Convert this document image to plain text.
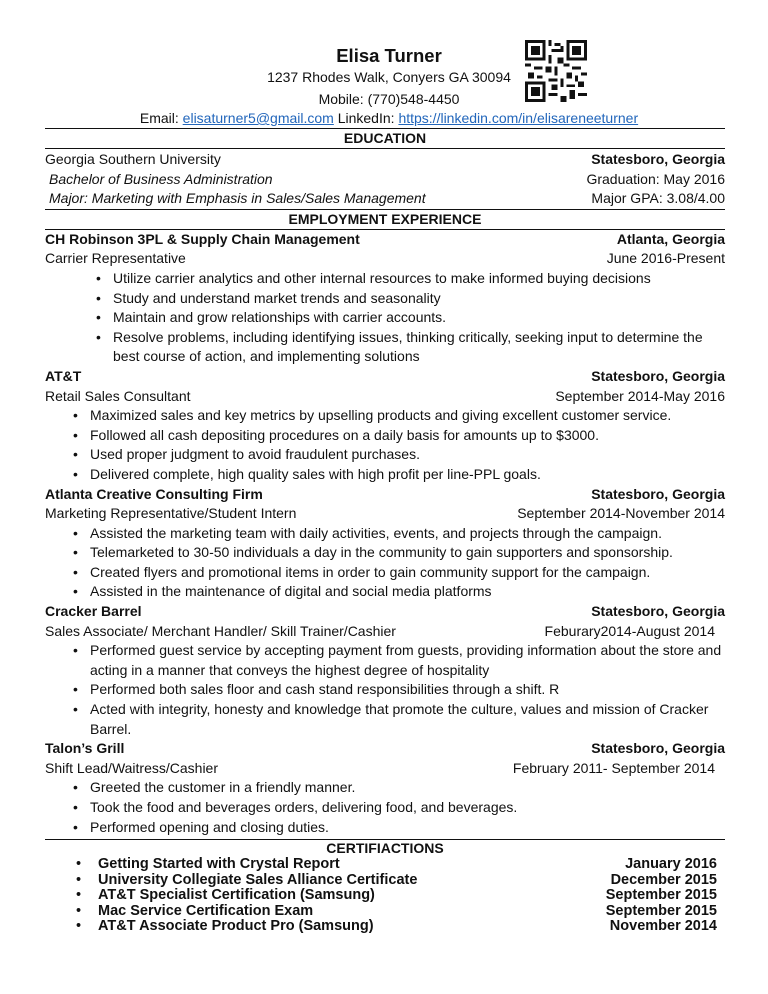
Elisa Turner
1237 Rhodes Walk, Conyers GA 30094
Mobile: (770)548-4450
Email: elisaturner5@gmail.com LinkedIn: https://linkedin.com/in/elisareneeturner
EDUCATION
Georgia Southern University	Statesboro, Georgia
Bachelor of Business Administration	Graduation: May 2016
Major: Marketing with Emphasis in Sales/Sales Management	Major GPA: 3.08/4.00
EMPLOYMENT EXPERIENCE
CH Robinson 3PL & Supply Chain Management	Atlanta, Georgia
Carrier Representative	June 2016-Present
• Utilize carrier analytics and other internal resources to make informed buying decisions
• Study and understand market trends and seasonality
• Maintain and grow relationships with carrier accounts.
• Resolve problems, including identifying issues, thinking critically, seeking input to determine the best course of action, and implementing solutions
AT&T	Statesboro, Georgia
Retail Sales Consultant	September 2014-May 2016
• Maximized sales and key metrics by upselling products and giving excellent customer service.
• Followed all cash depositing procedures on a daily basis for amounts up to $3000.
• Used proper judgment to avoid fraudulent purchases.
• Delivered complete, high quality sales with high profit per line-PPL goals.
Atlanta Creative Consulting Firm	Statesboro, Georgia
Marketing Representative/Student Intern	September 2014-November 2014
• Assisted the marketing team with daily activities, events, and projects through the campaign.
• Telemarketed to 30-50 individuals a day in the community to gain supporters and sponsorship.
• Created flyers and promotional items in order to gain community support for the campaign.
• Assisted in the maintenance of digital and social media platforms
Cracker Barrel	Statesboro, Georgia
Sales Associate/ Merchant Handler/ Skill Trainer/Cashier	Feburary2014-August 2014
• Performed guest service by accepting payment from guests, providing information about the store and acting in a manner that conveys the highest degree of hospitality
• Performed both sales floor and cash stand responsibilities through a shift. R
• Acted with integrity, honesty and knowledge that promote the culture, values and mission of Cracker Barrel.
Talon’s Grill	Statesboro, Georgia
Shift Lead/Waitress/Cashier	February 2011- September 2014
• Greeted the customer in a friendly manner.
• Took the food and beverages orders, delivering food, and beverages.
• Performed opening and closing duties.
CERTIFIACTIONS
• Getting Started with Crystal Report	January 2016
• University Collegiate Sales Alliance Certificate	December 2015
• AT&T Specialist Certification (Samsung)	September 2015
• Mac Service Certification Exam	September 2015
• AT&T Associate Product Pro (Samsung)	November 2014
